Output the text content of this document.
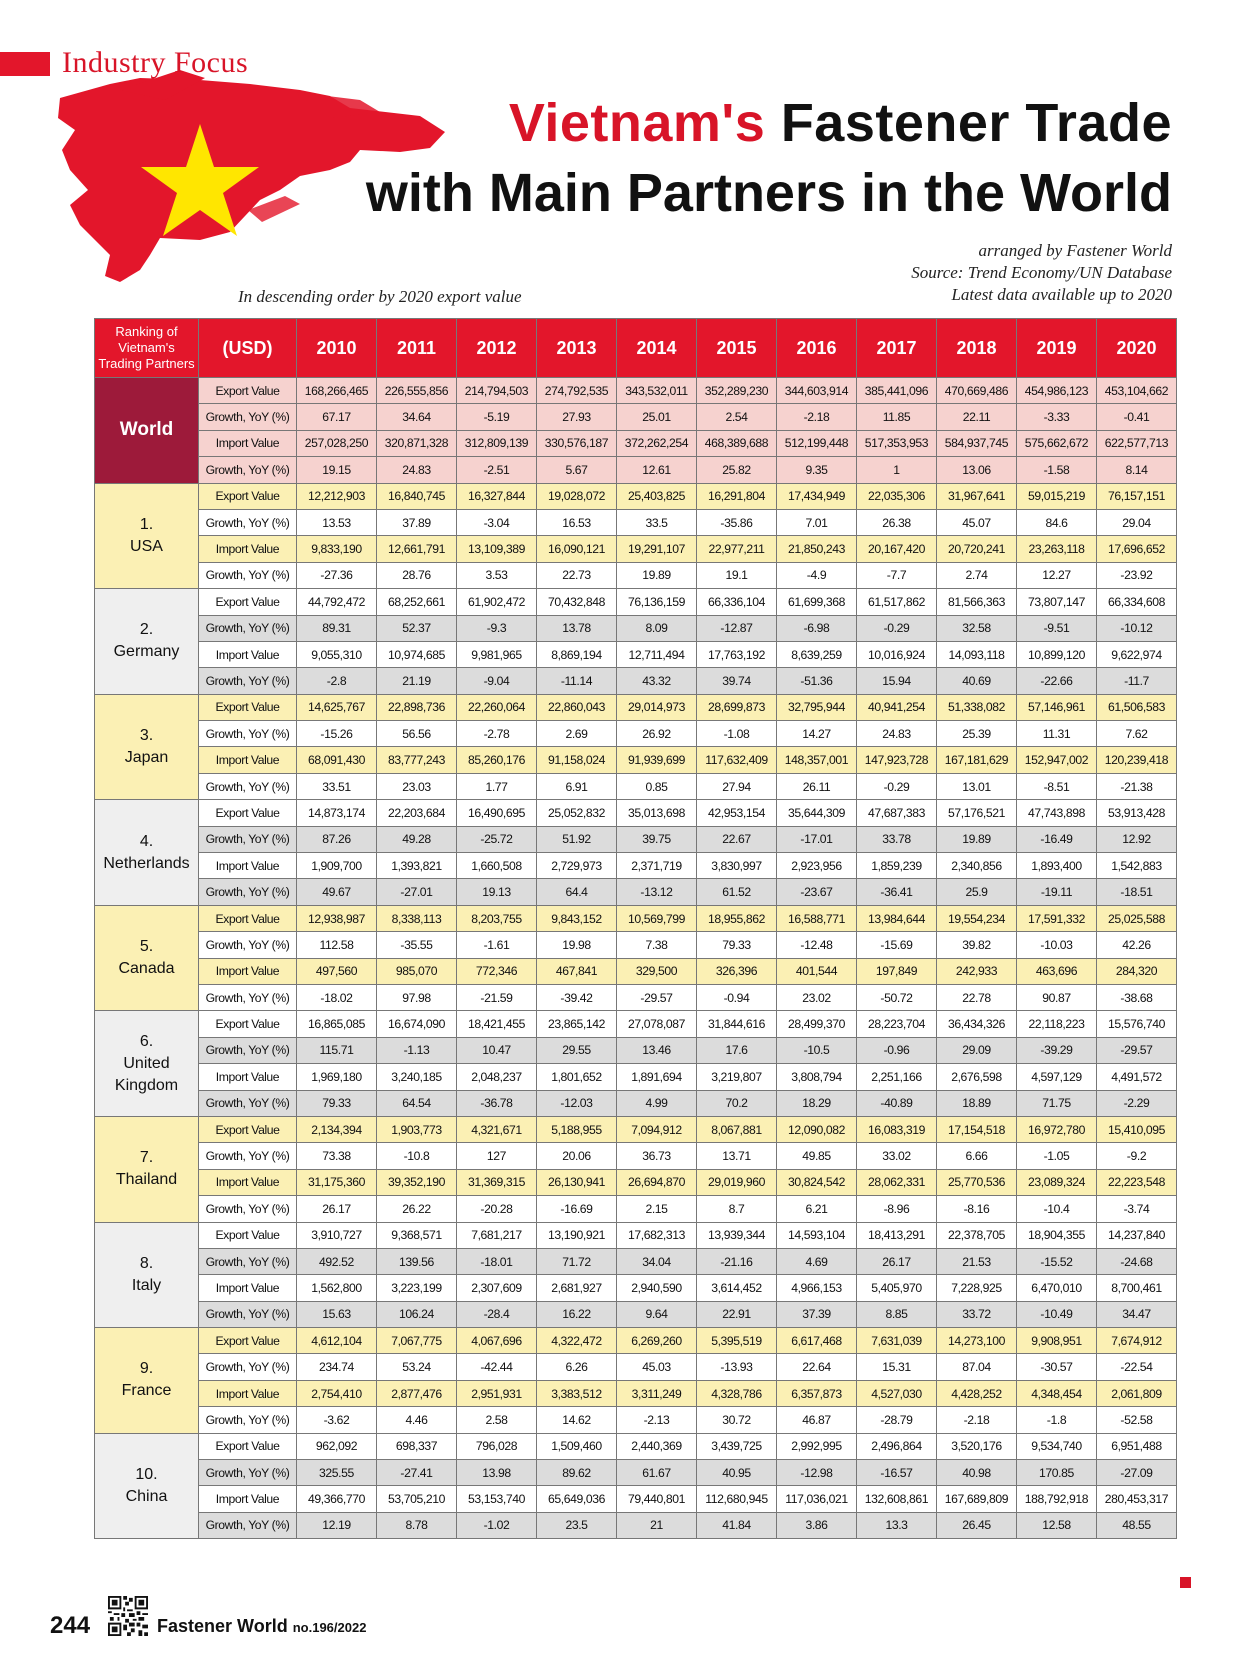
Industry Focus
Vietnam's Fastener Trade
with Main Partners in the World
arranged by Fastener World
Source: Trend Economy/UN Database
Latest data available up to 2020
In descending order by 2020 export value
Ranking of Vietnam's Trading Partners	(USD)	2010	2011	2012	2013	2014	2015	2016	2017	2018	2019	2020
World	Export Value	168,266,465	226,555,856	214,794,503	274,792,535	343,532,011	352,289,230	344,603,914	385,441,096	470,669,486	454,986,123	453,104,662
	Growth, YoY (%)	67.17	34.64	-5.19	27.93	25.01	2.54	-2.18	11.85	22.11	-3.33	-0.41
	Import Value	257,028,250	320,871,328	312,809,139	330,576,187	372,262,254	468,389,688	512,199,448	517,353,953	584,937,745	575,662,672	622,577,713
	Growth, YoY (%)	19.15	24.83	-2.51	5.67	12.61	25.82	9.35	1	13.06	-1.58	8.14
1.
USA	Export Value	12,212,903	16,840,745	16,327,844	19,028,072	25,403,825	16,291,804	17,434,949	22,035,306	31,967,641	59,015,219	76,157,151
	Growth, YoY (%)	13.53	37.89	-3.04	16.53	33.5	-35.86	7.01	26.38	45.07	84.6	29.04
	Import Value	9,833,190	12,661,791	13,109,389	16,090,121	19,291,107	22,977,211	21,850,243	20,167,420	20,720,241	23,263,118	17,696,652
	Growth, YoY (%)	-27.36	28.76	3.53	22.73	19.89	19.1	-4.9	-7.7	2.74	12.27	-23.92
2.
Germany	Export Value	44,792,472	68,252,661	61,902,472	70,432,848	76,136,159	66,336,104	61,699,368	61,517,862	81,566,363	73,807,147	66,334,608
	Growth, YoY (%)	89.31	52.37	-9.3	13.78	8.09	-12.87	-6.98	-0.29	32.58	-9.51	-10.12
	Import Value	9,055,310	10,974,685	9,981,965	8,869,194	12,711,494	17,763,192	8,639,259	10,016,924	14,093,118	10,899,120	9,622,974
	Growth, YoY (%)	-2.8	21.19	-9.04	-11.14	43.32	39.74	-51.36	15.94	40.69	-22.66	-11.7
3.
Japan	Export Value	14,625,767	22,898,736	22,260,064	22,860,043	29,014,973	28,699,873	32,795,944	40,941,254	51,338,082	57,146,961	61,506,583
	Growth, YoY (%)	-15.26	56.56	-2.78	2.69	26.92	-1.08	14.27	24.83	25.39	11.31	7.62
	Import Value	68,091,430	83,777,243	85,260,176	91,158,024	91,939,699	117,632,409	148,357,001	147,923,728	167,181,629	152,947,002	120,239,418
	Growth, YoY (%)	33.51	23.03	1.77	6.91	0.85	27.94	26.11	-0.29	13.01	-8.51	-21.38
4.
Netherlands	Export Value	14,873,174	22,203,684	16,490,695	25,052,832	35,013,698	42,953,154	35,644,309	47,687,383	57,176,521	47,743,898	53,913,428
	Growth, YoY (%)	87.26	49.28	-25.72	51.92	39.75	22.67	-17.01	33.78	19.89	-16.49	12.92
	Import Value	1,909,700	1,393,821	1,660,508	2,729,973	2,371,719	3,830,997	2,923,956	1,859,239	2,340,856	1,893,400	1,542,883
	Growth, YoY (%)	49.67	-27.01	19.13	64.4	-13.12	61.52	-23.67	-36.41	25.9	-19.11	-18.51
5.
Canada	Export Value	12,938,987	8,338,113	8,203,755	9,843,152	10,569,799	18,955,862	16,588,771	13,984,644	19,554,234	17,591,332	25,025,588
	Growth, YoY (%)	112.58	-35.55	-1.61	19.98	7.38	79.33	-12.48	-15.69	39.82	-10.03	42.26
	Import Value	497,560	985,070	772,346	467,841	329,500	326,396	401,544	197,849	242,933	463,696	284,320
	Growth, YoY (%)	-18.02	97.98	-21.59	-39.42	-29.57	-0.94	23.02	-50.72	22.78	90.87	-38.68
6.
United
Kingdom	Export Value	16,865,085	16,674,090	18,421,455	23,865,142	27,078,087	31,844,616	28,499,370	28,223,704	36,434,326	22,118,223	15,576,740
	Growth, YoY (%)	115.71	-1.13	10.47	29.55	13.46	17.6	-10.5	-0.96	29.09	-39.29	-29.57
	Import Value	1,969,180	3,240,185	2,048,237	1,801,652	1,891,694	3,219,807	3,808,794	2,251,166	2,676,598	4,597,129	4,491,572
	Growth, YoY (%)	79.33	64.54	-36.78	-12.03	4.99	70.2	18.29	-40.89	18.89	71.75	-2.29
7.
Thailand	Export Value	2,134,394	1,903,773	4,321,671	5,188,955	7,094,912	8,067,881	12,090,082	16,083,319	17,154,518	16,972,780	15,410,095
	Growth, YoY (%)	73.38	-10.8	127	20.06	36.73	13.71	49.85	33.02	6.66	-1.05	-9.2
	Import Value	31,175,360	39,352,190	31,369,315	26,130,941	26,694,870	29,019,960	30,824,542	28,062,331	25,770,536	23,089,324	22,223,548
	Growth, YoY (%)	26.17	26.22	-20.28	-16.69	2.15	8.7	6.21	-8.96	-8.16	-10.4	-3.74
8.
Italy	Export Value	3,910,727	9,368,571	7,681,217	13,190,921	17,682,313	13,939,344	14,593,104	18,413,291	22,378,705	18,904,355	14,237,840
	Growth, YoY (%)	492.52	139.56	-18.01	71.72	34.04	-21.16	4.69	26.17	21.53	-15.52	-24.68
	Import Value	1,562,800	3,223,199	2,307,609	2,681,927	2,940,590	3,614,452	4,966,153	5,405,970	7,228,925	6,470,010	8,700,461
	Growth, YoY (%)	15.63	106.24	-28.4	16.22	9.64	22.91	37.39	8.85	33.72	-10.49	34.47
9.
France	Export Value	4,612,104	7,067,775	4,067,696	4,322,472	6,269,260	5,395,519	6,617,468	7,631,039	14,273,100	9,908,951	7,674,912
	Growth, YoY (%)	234.74	53.24	-42.44	6.26	45.03	-13.93	22.64	15.31	87.04	-30.57	-22.54
	Import Value	2,754,410	2,877,476	2,951,931	3,383,512	3,311,249	4,328,786	6,357,873	4,527,030	4,428,252	4,348,454	2,061,809
	Growth, YoY (%)	-3.62	4.46	2.58	14.62	-2.13	30.72	46.87	-28.79	-2.18	-1.8	-52.58
10.
China	Export Value	962,092	698,337	796,028	1,509,460	2,440,369	3,439,725	2,992,995	2,496,864	3,520,176	9,534,740	6,951,488
	Growth, YoY (%)	325.55	-27.41	13.98	89.62	61.67	40.95	-12.98	-16.57	40.98	170.85	-27.09
	Import Value	49,366,770	53,705,210	53,153,740	65,649,036	79,440,801	112,680,945	117,036,021	132,608,861	167,689,809	188,792,918	280,453,317
	Growth, YoY (%)	12.19	8.78	-1.02	23.5	21	41.84	3.86	13.3	26.45	12.58	48.55
244	Fastener World no.196/2022
